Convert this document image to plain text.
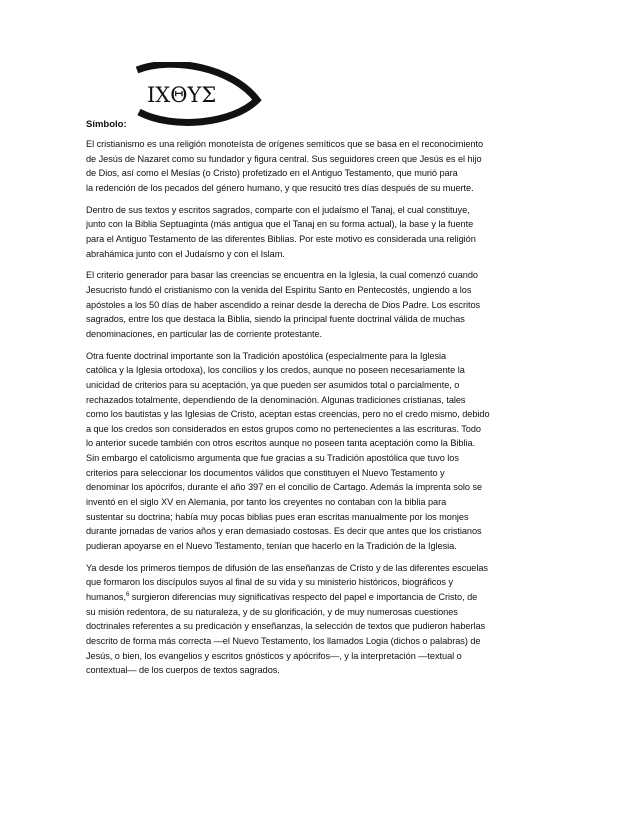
ΙΧΘΥΣ
Símbolo:
El cristianismo es una religión monoteísta de orígenes semíticos que se basa en el reconocimiento
de Jesús de Nazaret como su fundador y figura central. Sus seguidores creen que Jesús es el hijo
de Dios, así como el Mesías (o Cristo) profetizado en el Antiguo Testamento, que murió para
la redención de los pecados del género humano, y que resucitó tres días después de su muerte.
Dentro de sus textos y escritos sagrados, comparte con el judaísmo el Tanaj, el cual constituye,
junto con la Biblia Septuaginta (más antigua que el Tanaj en su forma actual), la base y la fuente
para el Antiguo Testamento de las diferentes Biblias. Por este motivo es considerada una religión
abrahámica junto con el Judaísmo y con el Islam.
El criterio generador para basar las creencias se encuentra en la Iglesia, la cual comenzó cuando
Jesucristo fundó el cristianismo con la venida del Espíritu Santo en Pentecostés, ungiendo a los
apóstoles a los 50 días de haber ascendido a reinar desde la derecha de Dios Padre. Los escritos
sagrados, entre los que destaca la Biblia, siendo la principal fuente doctrinal válida de muchas
denominaciones, en particular las de corriente protestante.
Otra fuente doctrinal importante son la Tradición apostólica (especialmente para la Iglesia
católica y la Iglesia ortodoxa), los concilios y los credos, aunque no poseen necesariamente la
unicidad de criterios para su aceptación, ya que pueden ser asumidos total o parcialmente, o
rechazados totalmente, dependiendo de la denominación. Algunas tradiciones cristianas, tales
como los bautistas y las Iglesias de Cristo, aceptan estas creencias, pero no el credo mismo, debido
a que los credos son considerados en estos grupos como no pertenecientes a las escrituras. Todo
lo anterior sucede también con otros escritos aunque no poseen tanta aceptación como la Biblia.
Sin embargo el catolicismo argumenta que fue gracias a su Tradición apostólica que tuvo los
criterios para seleccionar los documentos válidos que constituyen el Nuevo Testamento y
denominar los apócrifos, durante el año 397 en el concilio de Cartago. Además la imprenta solo se
inventó en el siglo XV en Alemania, por tanto los creyentes no contaban con la biblia para
sustentar su doctrina; había muy pocas biblias pues eran escritas manualmente por los monjes
durante jornadas de varios años y eran demasiado costosas. Es decir que antes que los cristianos
pudieran apoyarse en el Nuevo Testamento, tenían que hacerlo en la Tradición de la Iglesia.
Ya desde los primeros tiempos de difusión de las enseñanzas de Cristo y de las diferentes escuelas
que formaron los discípulos suyos al final de su vida y su ministerio históricos, biográficos y
humanos,$^6$ surgieron diferencias muy significativas respecto del papel e importancia de Cristo, de
su misión redentora, de su naturaleza, y de su glorificación, y de muy numerosas cuestiones
doctrinales referentes a su predicación y enseñanzas, la selección de textos que pudieron haberlas
descrito de forma más correcta —el Nuevo Testamento, los llamados Logia (dichos o palabras) de
Jesús, o bien, los evangelios y escritos gnósticos y apócrifos—, y la interpretación —textual o
contextual— de los cuerpos de textos sagrados.
